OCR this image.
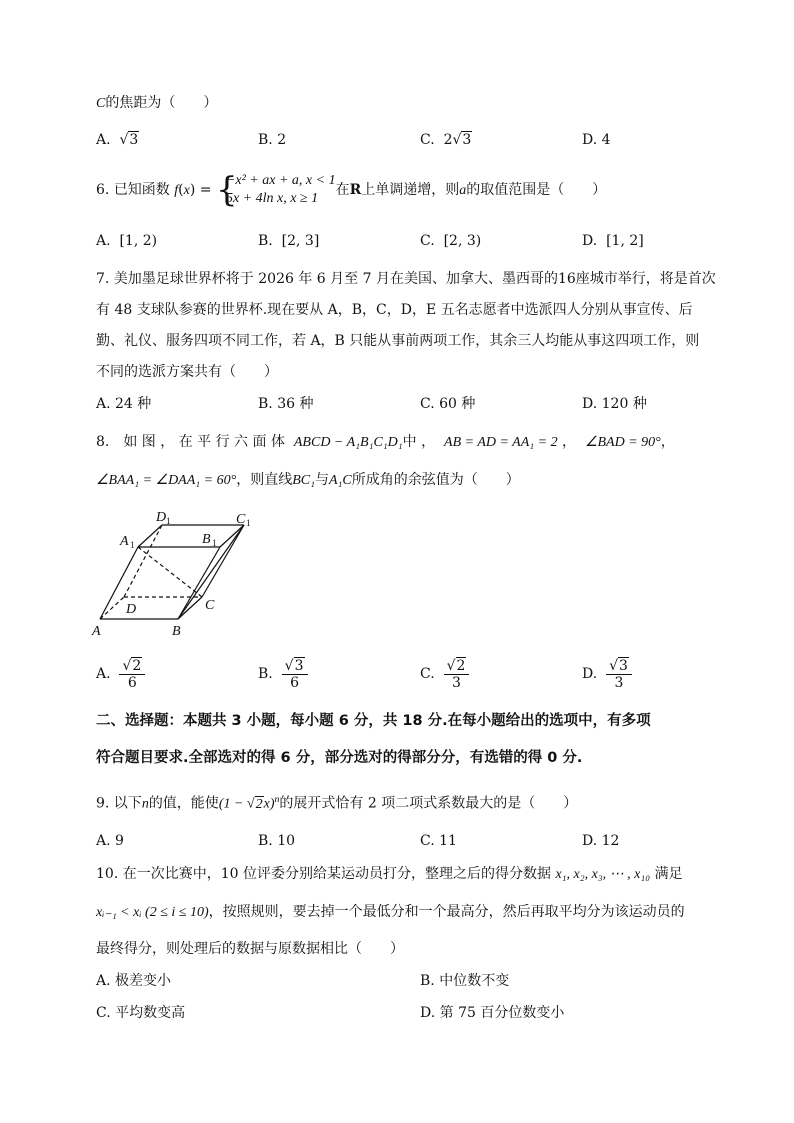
C的焦距为（　　）
A.  √3	B. 2	C. 2√3	D. 4
6. 已知函数 f(x) = {
−x² + ax + a, x < 1
5x + 4ln x, x ≥ 1
在R上单调递增，则a的取值范围是（　　）
A. [1, 2)	B. [2, 3]	C. [2, 3)	D. [1, 2]
7. 美加墨足球世界杯将于 2026 年 6 月至 7 月在美国、加拿大、墨西哥的16座城市举行，将是首次
有 48 支球队参赛的世界杯.现在要从 A，B，C，D，E 五名志愿者中选派四人分别从事宣传、后
勤、礼仪、服务四项不同工作，若 A，B 只能从事前两项工作，其余三人均能从事这四项工作，则
不同的选派方案共有（　　）
A. 24 种	B. 36 种	C. 60 种	D. 120 种
8.　如 图 ， 在 平 行 六 面 体 ABCD − A₁B₁C₁D₁中 ， AB = AD = AA₁ = 2 ， ∠BAD = 90°，
∠BAA₁ = ∠DAA₁ = 60°，则直线BC₁与A₁C所成角的余弦值为（　　）
A	B
C
D
A	B
C
D
1	1
1
1
A. $\frac{√2}{6}$	B. $\frac{√3}{6}$	C. $\frac{√2}{3}$	D. $\frac{√3}{3}$
二、选择题：本题共 3 小题，每小题 6 分，共 18 分.在每小题给出的选项中，有多项
符合题目要求.全部选对的得 6 分，部分选对的得部分分，有选错的得 0 分.
9. 以下n的值，能使$(1 - √2x)^n$的展开式恰有 2 项二项式系数最大的是（　　）
A. 9	B. 10	C. 11	D. 12
10. 在一次比赛中，10 位评委分别给某运动员打分，整理之后的得分数据 x₁, x₂, x₃, ⋯ , x₁₀ 满足
xᵢ₋₁ < xᵢ (2 ≤ i ≤ 10)，按照规则，要去掉一个最低分和一个最高分，然后再取平均分为该运动员的
最终得分，则处理后的数据与原数据相比（　　）
A. 极差变小	B. 中位数不变
C. 平均数变高	D. 第 75 百分位数变小
